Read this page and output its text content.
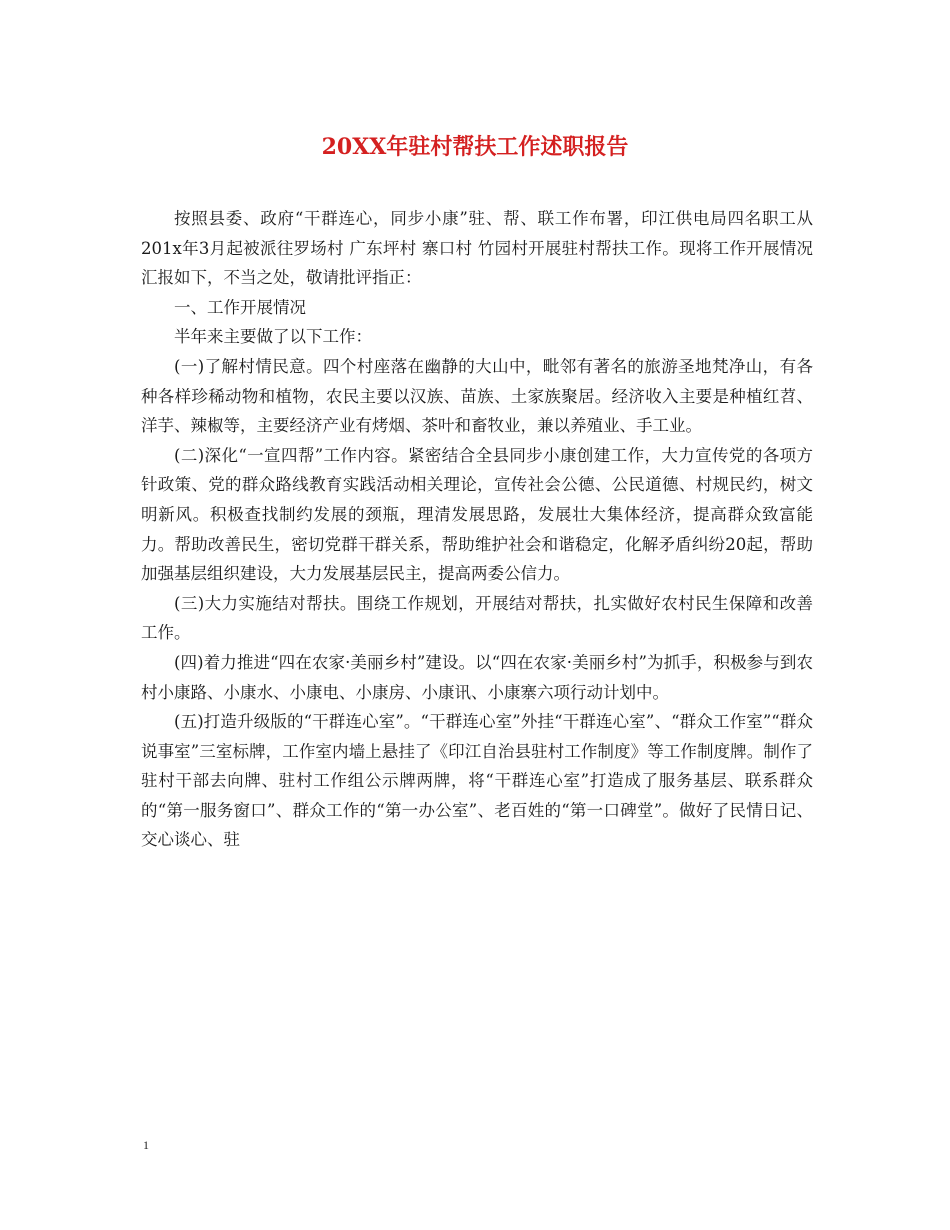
20XX年驻村帮扶工作述职报告

按照县委、政府“干群连心，同步小康”驻、帮、联工作布署，印江供电局四名职工从201x年3月起被派往罗场村 广东坪村 寨口村 竹园村开展驻村帮扶工作。现将工作开展情况汇报如下，不当之处，敬请批评指正：

一、工作开展情况

半年来主要做了以下工作：

(一)了解村情民意。四个村座落在幽静的大山中，毗邻有著名的旅游圣地梵净山，有各种各样珍稀动物和植物，农民主要以汉族、苗族、土家族聚居。经济收入主要是种植红苕、洋芋、辣椒等，主要经济产业有烤烟、茶叶和畜牧业，兼以养殖业、手工业。

(二)深化“一宣四帮”工作内容。紧密结合全县同步小康创建工作，大力宣传党的各项方针政策、党的群众路线教育实践活动相关理论，宣传社会公德、公民道德、村规民约，树文明新风。积极查找制约发展的颈瓶，理清发展思路，发展壮大集体经济，提高群众致富能力。帮助改善民生，密切党群干群关系，帮助维护社会和谐稳定，化解矛盾纠纷20起，帮助加强基层组织建设，大力发展基层民主，提高两委公信力。

(三)大力实施结对帮扶。围绕工作规划，开展结对帮扶，扎实做好农村民生保障和改善工作。

(四)着力推进“四在农家·美丽乡村”建设。以“四在农家·美丽乡村”为抓手，积极参与到农村小康路、小康水、小康电、小康房、小康讯、小康寨六项行动计划中。

(五)打造升级版的“干群连心室”。“干群连心室”外挂“干群连心室”、“群众工作室”“群众说事室”三室标牌，工作室内墙上悬挂了《印江自治县驻村工作制度》等工作制度牌。制作了驻村干部去向牌、驻村工作组公示牌两牌，将“干群连心室”打造成了服务基层、联系群众的“第一服务窗口”、群众工作的“第一办公室”、老百姓的“第一口碑堂”。做好了民情日记、交心谈心、驻

1
